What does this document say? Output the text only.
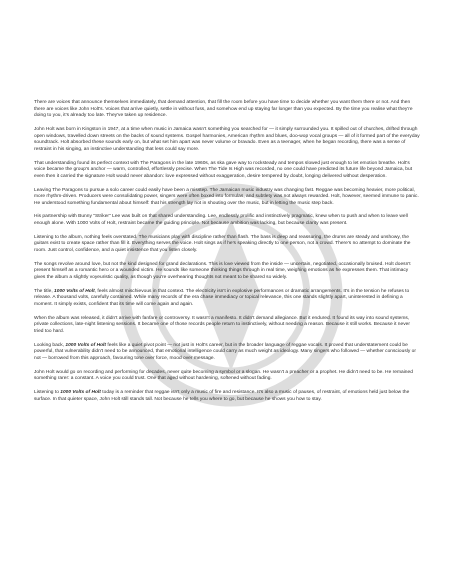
There are voices that announce themselves immediately, that demand attention, that fill the room before you have time to decide whether you want them there or not. And then there are voices like John Holt's. Voices that arrive quietly, settle in without fuss, and somehow end up staying far longer than you expected. By the time you realise what they're doing to you, it's already too late. They've taken up residence.

John Holt was born in Kingston in 1947, at a time when music in Jamaica wasn't something you searched for — it simply surrounded you. It spilled out of churches, drifted through open windows, travelled down streets on the backs of sound systems. Gospel harmonies, American rhythm and blues, doo-wop vocal groups — all of it formed part of the everyday soundtrack. Holt absorbed these sounds early on, but what set him apart was never volume or bravado. Even as a teenager, when he began recording, there was a sense of restraint in his singing, an instinctive understanding that less could say more.

That understanding found its perfect context with The Paragons in the late 1960s, as ska gave way to rocksteady and tempos slowed just enough to let emotion breathe. Holt's voice became the group's anchor — warm, controlled, effortlessly precise. When The Tide Is High was recorded, no one could have predicted its future life beyond Jamaica, but even then it carried the signature Holt would never abandon: love expressed without exaggeration, desire tempered by doubt, longing delivered without desperation.

Leaving The Paragons to pursue a solo career could easily have been a misstep. The Jamaican music industry was changing fast. Reggae was becoming heavier, more political, more rhythm-driven. Producers were consolidating power, singers were often boxed into formulas, and subtlety was not always rewarded. Holt, however, seemed immune to panic. He understood something fundamental about himself: that his strength lay not in shouting over the music, but in letting the music step back.

His partnership with Bunny "Striker" Lee was built on that shared understanding. Lee, endlessly prolific and instinctively pragmatic, knew when to push and when to leave well enough alone. With 1000 Volts of Holt, restraint became the guiding principle. Not because ambition was lacking, but because clarity was present.

Listening to the album, nothing feels overstated. The musicians play with discipline rather than flash. The bass is deep and reassuring, the drums are steady and unshowy, the guitars exist to create space rather than fill it. Everything serves the voice. Holt sings as if he's speaking directly to one person, not a crowd. There's no attempt to dominate the room. Just control, confidence, and a quiet insistence that you listen closely.

The songs revolve around love, but not the kind designed for grand declarations. This is love viewed from the inside — uncertain, negotiated, occasionally bruised. Holt doesn't present himself as a romantic hero or a wounded victim. He sounds like someone thinking things through in real time, weighing emotions as he expresses them. That intimacy gives the album a slightly voyeuristic quality, as though you're overhearing thoughts not meant to be shared so widely.

The title, 1000 Volts of Holt, feels almost mischievous in that context. The electricity isn't in explosive performances or dramatic arrangements. It's in the tension he refuses to release. A thousand volts, carefully contained. While many records of the era chase immediacy or topical relevance, this one stands slightly apart, uninterested in defining a moment. It simply exists, confident that its time will come again and again.

When the album was released, it didn't arrive with fanfare or controversy. It wasn't a manifesto. It didn't demand allegiance. But it endured. It found its way into sound systems, private collections, late-night listening sessions. It became one of those records people return to instinctively, without needing a reason. Because it still works. Because it never tried too hard.

Looking back, 1000 Volts of Holt feels like a quiet pivot point — not just in Holt's career, but in the broader language of reggae vocals. It proved that understatement could be powerful, that vulnerability didn't need to be announced, that emotional intelligence could carry as much weight as ideology. Many singers who followed — whether consciously or not — borrowed from this approach, favouring tone over force, mood over message.

John Holt would go on recording and performing for decades, never quite becoming a symbol or a slogan. He wasn't a preacher or a prophet. He didn't need to be. He remained something rarer: a constant. A voice you could trust. One that aged without hardening, softened without fading.

Listening to 1000 Volts of Holt today is a reminder that reggae isn't only a music of fire and resistance. It's also a music of pauses, of restraint, of emotions held just below the surface. In that quieter space, John Holt still stands tall. Not because he tells you where to go, but because he shows you how to stay.
